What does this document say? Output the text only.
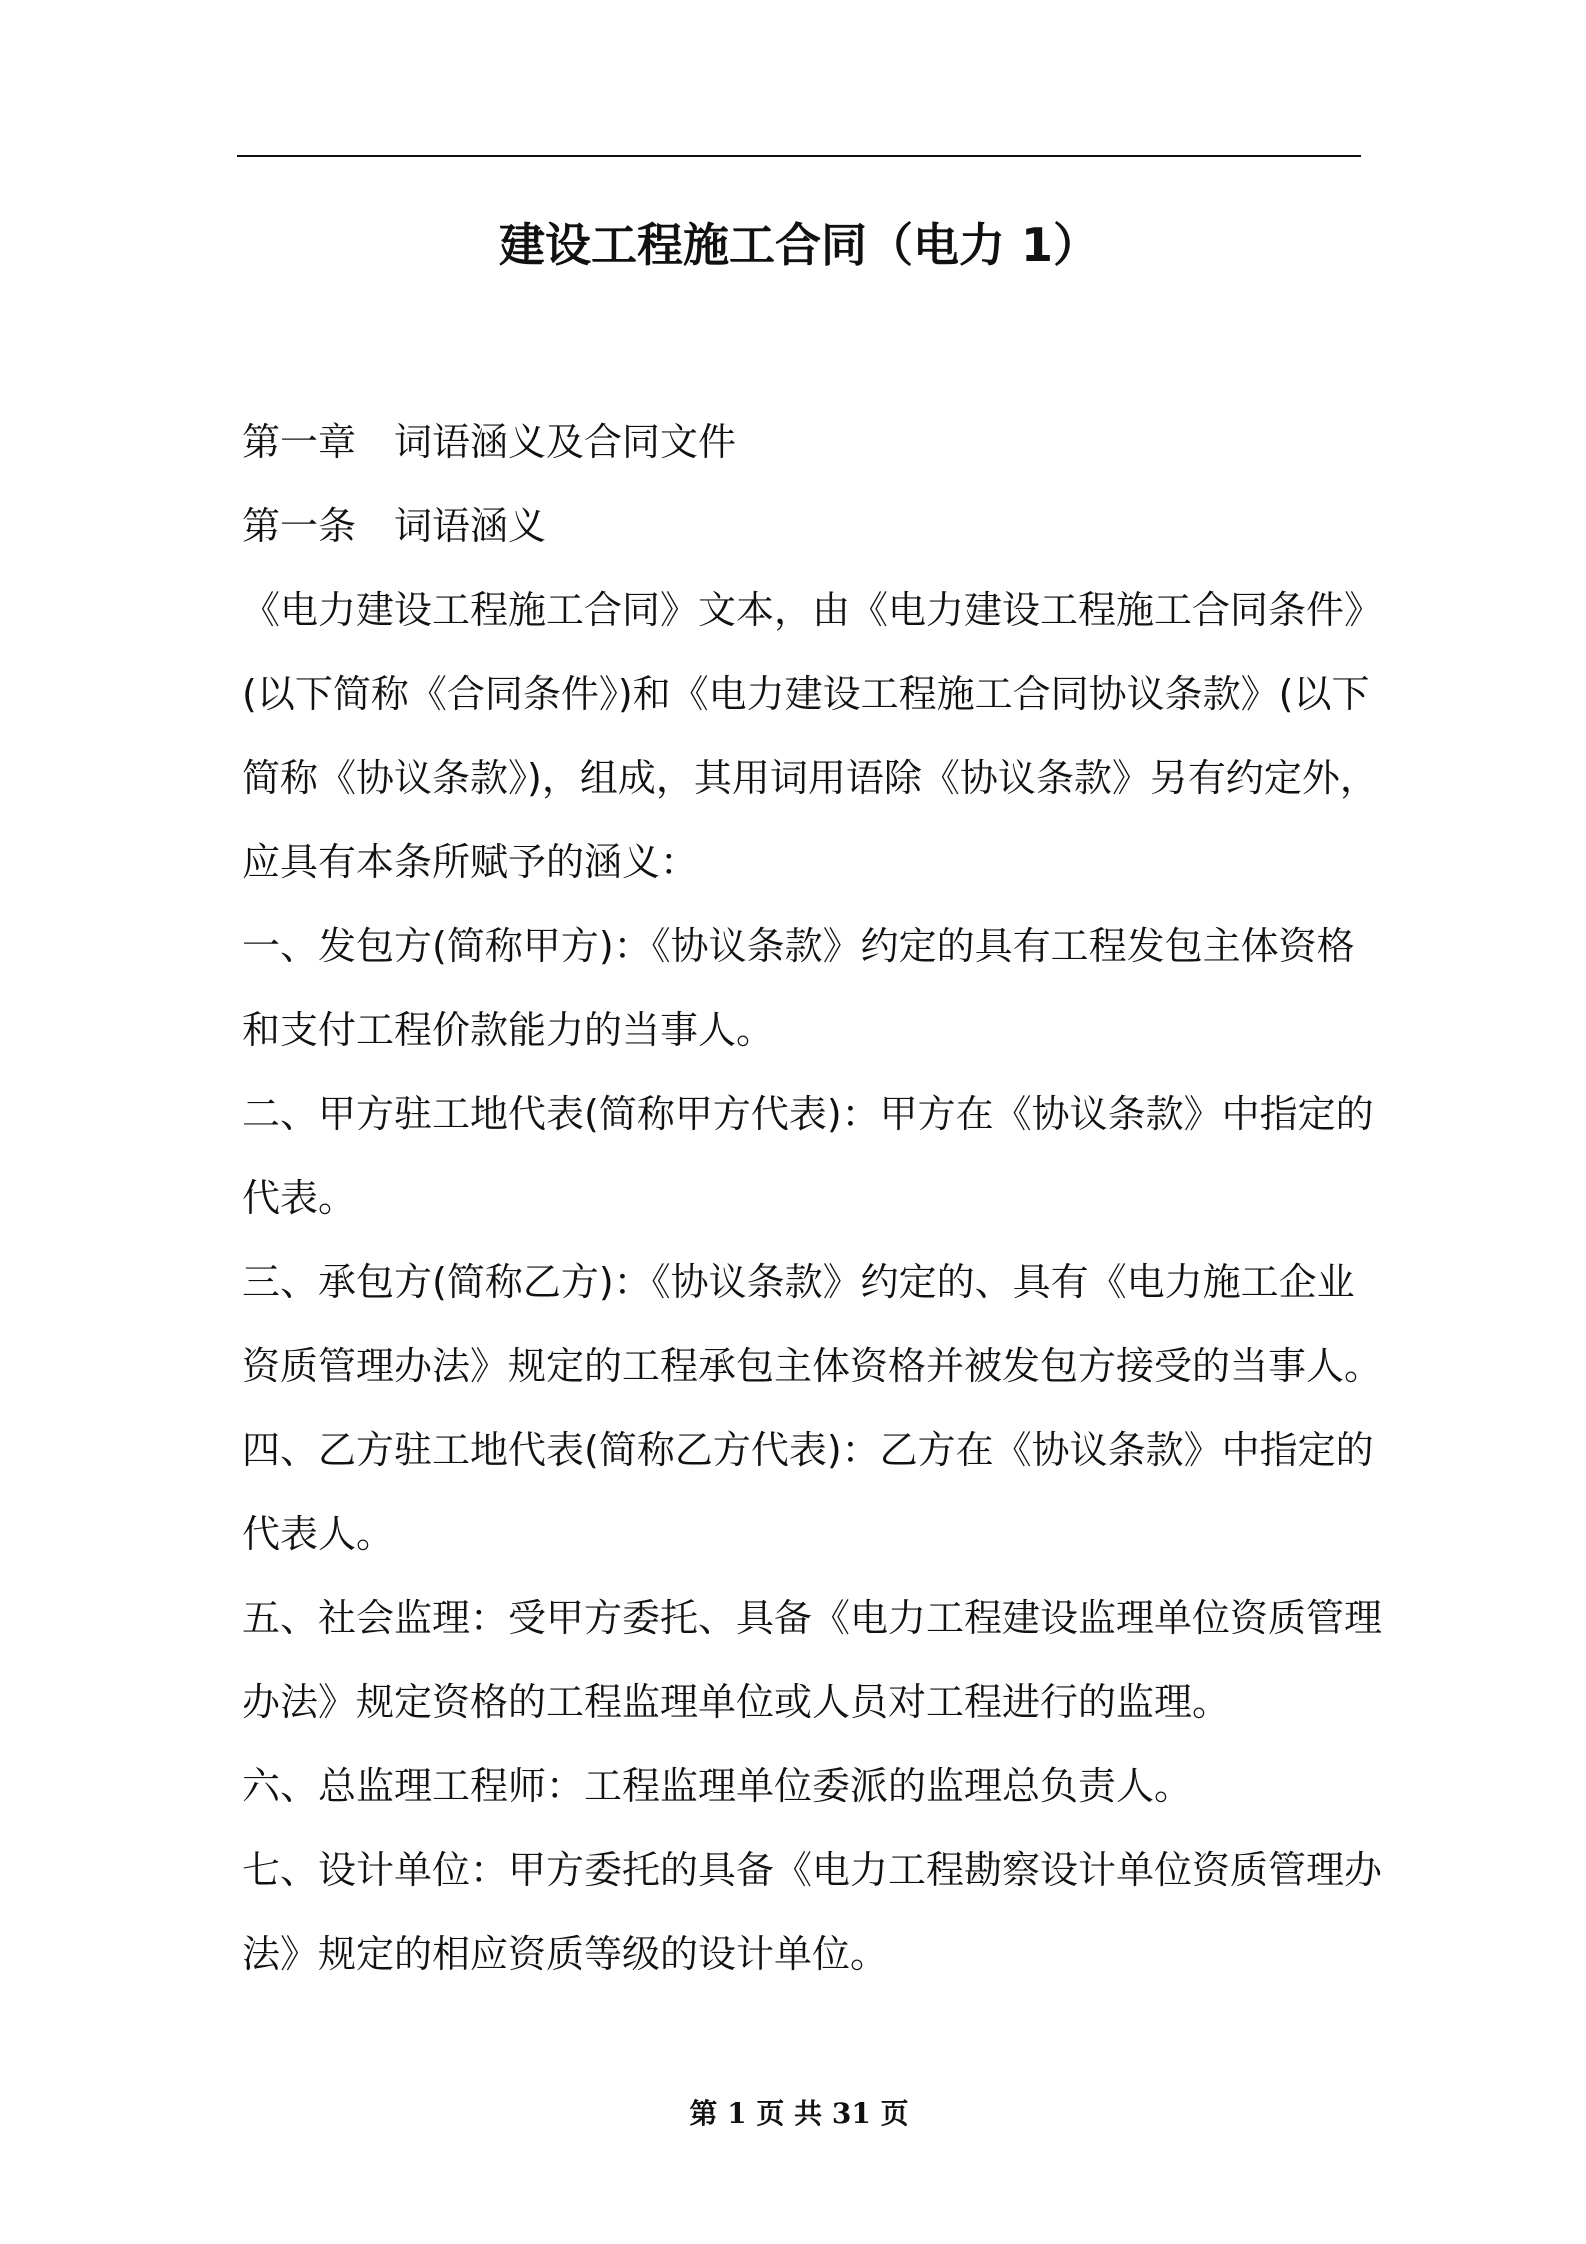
建设工程施工合同（电力 1）

第一章　词语涵义及合同文件

第一条　词语涵义

《电力建设工程施工合同》文本，由《电力建设工程施工合同条件》

(以下简称《合同条件》)和《电力建设工程施工合同协议条款》(以下

简称《协议条款》)，组成，其用词用语除《协议条款》另有约定外，

应具有本条所赋予的涵义：

一、发包方(简称甲方)：《协议条款》约定的具有工程发包主体资格

和支付工程价款能力的当事人。

二、甲方驻工地代表(简称甲方代表)：甲方在《协议条款》中指定的

代表。

三、承包方(简称乙方)：《协议条款》约定的、具有《电力施工企业

资质管理办法》规定的工程承包主体资格并被发包方接受的当事人。

四、乙方驻工地代表(简称乙方代表)：乙方在《协议条款》中指定的

代表人。

五、社会监理：受甲方委托、具备《电力工程建设监理单位资质管理

办法》规定资格的工程监理单位或人员对工程进行的监理。

六、总监理工程师：工程监理单位委派的监理总负责人。

七、设计单位：甲方委托的具备《电力工程勘察设计单位资质管理办

法》规定的相应资质等级的设计单位。

第 1 页 共 31 页
